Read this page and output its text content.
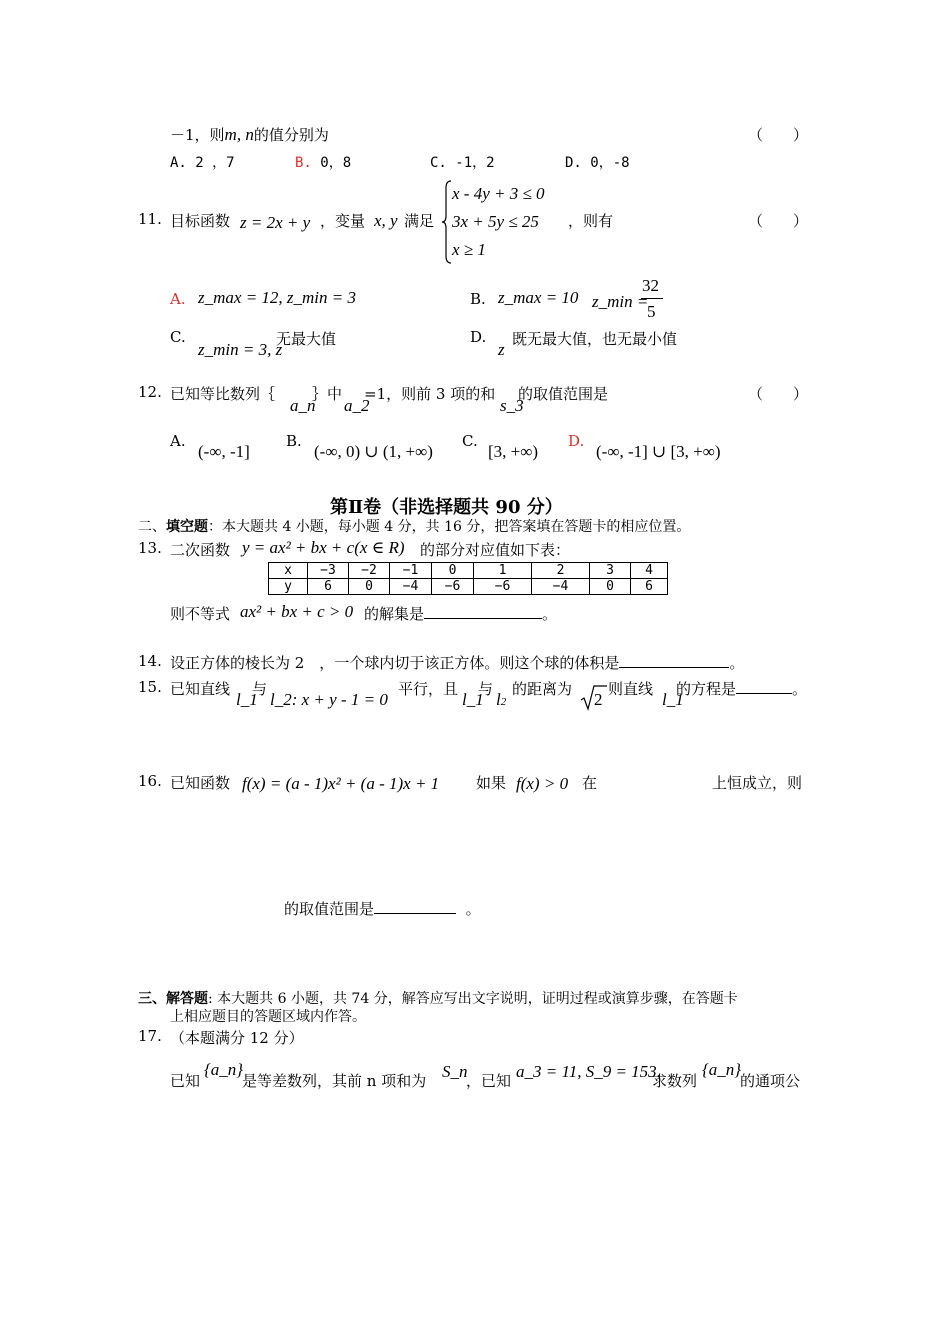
－1，则m, n的值分别为	（　　）
A. 2 ，7	B. 0，8	C. -1，2	D. 0，-8
11. 目标函数 z = 2x + y ，变量 x, y 满足
x - 4y + 3 ≤ 0
3x + 5y ≤ 25
x ≥ 1
，则有	（　　）
A. z_max = 12, z_min = 3	B. z_max = 10 z_min =
32
5
C.
z_min = 3, z
无最大值	D.
z
既无最大值，也无最小值
12. 已知等比数列｛
a_n
｝中
a_2
=1，则前 3 项的和
s_3
的取值范围是	（　　）
A.
(-∞, -1]
B.
(-∞, 0) ∪ (1, +∞)
C.
[3, +∞)
D.
(-∞, -1] ∪ [3, +∞)
第Ⅱ卷（非选择题共 90 分）
二、填空题：本大题共 4 小题，每小题 4 分，共 16 分，把答案填在答题卡的相应位置。
13. 二次函数 y = ax² + bx + c(x ∈ R) 的部分对应值如下表：
x	−3	−2	−1	0	1	2	3	4
y	6	0	−4	−6	−6	−4	0	6
则不等式 ax² + bx + c > 0 的解集是	。
14. 设正方体的棱长为 2　，一个球内切于该正方体。则这个球的体积是	。
15. 已知直线
l_1
与
l_2: x + y - 1 = 0
平行，且
l_1
与
l2
的距离为
2
则直线
l_1
的方程是	。
16. 已知函数 f(x) = (a - 1)x² + (a - 1)x + 1 如果 f(x) > 0 在	上恒成立，则
的取值范围是	。
三、解答题: 本大题共 6 小题，共 74 分，解答应写出文字说明，证明过程或演算步骤，在答题卡
上相应题目的答题区域内作答。
17. （本题满分 12 分）
已知
{a_n}
是等差数列，其前 n 项和为 S_n
，已知 a_3 = 11, S_9 = 153,
求数列
{a_n}
的通项公
